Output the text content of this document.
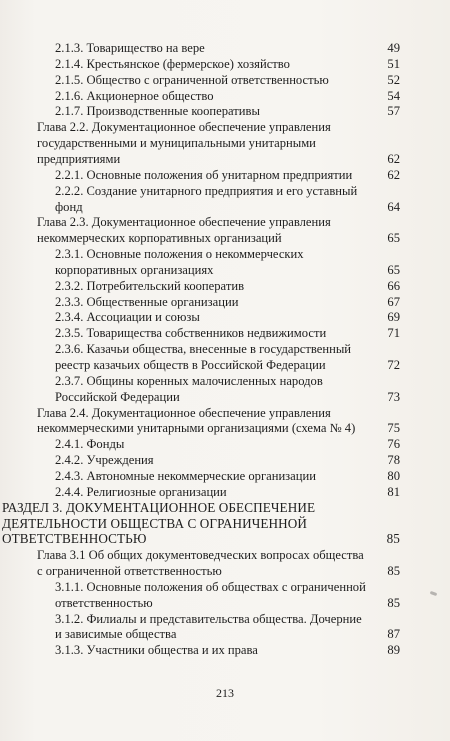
2.1.3. Товарищество на вере	49
2.1.4. Крестьянское (фермерское) хозяйство	51
2.1.5. Общество с ограниченной ответственностью	52
2.1.6. Акционерное общество	54
2.1.7. Производственные кооперативы	57
Глава 2.2. Документационное обеспечение управления
государственными и муниципальными унитарными
предприятиями	62
2.2.1. Основные положения об унитарном предприятии	62
2.2.2. Создание унитарного предприятия и его уставный
фонд	64
Глава 2.3. Документационное обеспечение управления
некоммерческих корпоративных организаций	65
2.3.1. Основные положения о некоммерческих
корпоративных организациях	65
2.3.2. Потребительский кооператив	66
2.3.3. Общественные организации	67
2.3.4. Ассоциации и союзы	69
2.3.5. Товарищества собственников недвижимости	71
2.3.6. Казачьи общества, внесенные в государственный
реестр казачьих обществ в Российской Федерации	72
2.3.7. Общины коренных малочисленных народов
Российской Федерации	73
Глава 2.4. Документационное обеспечение управления
некоммерческими унитарными организациями (схема № 4)	75
2.4.1. Фонды	76
2.4.2. Учреждения	78
2.4.3. Автономные некоммерческие организации	80
2.4.4. Религиозные организации	81
РАЗДЕЛ 3. ДОКУМЕНТАЦИОННОЕ ОБЕСПЕЧЕНИЕ
ДЕЯТЕЛЬНОСТИ ОБЩЕСТВА С ОГРАНИЧЕННОЙ
ОТВЕТСТВЕННОСТЬЮ	85
Глава 3.1 Об общих документоведческих вопросах общества
с ограниченной ответственностью	85
3.1.1. Основные положения об обществах с ограниченной
ответственностью	85
3.1.2. Филиалы и представительства общества. Дочерние
и зависимые общества	87
3.1.3. Участники общества и их права	89
213
